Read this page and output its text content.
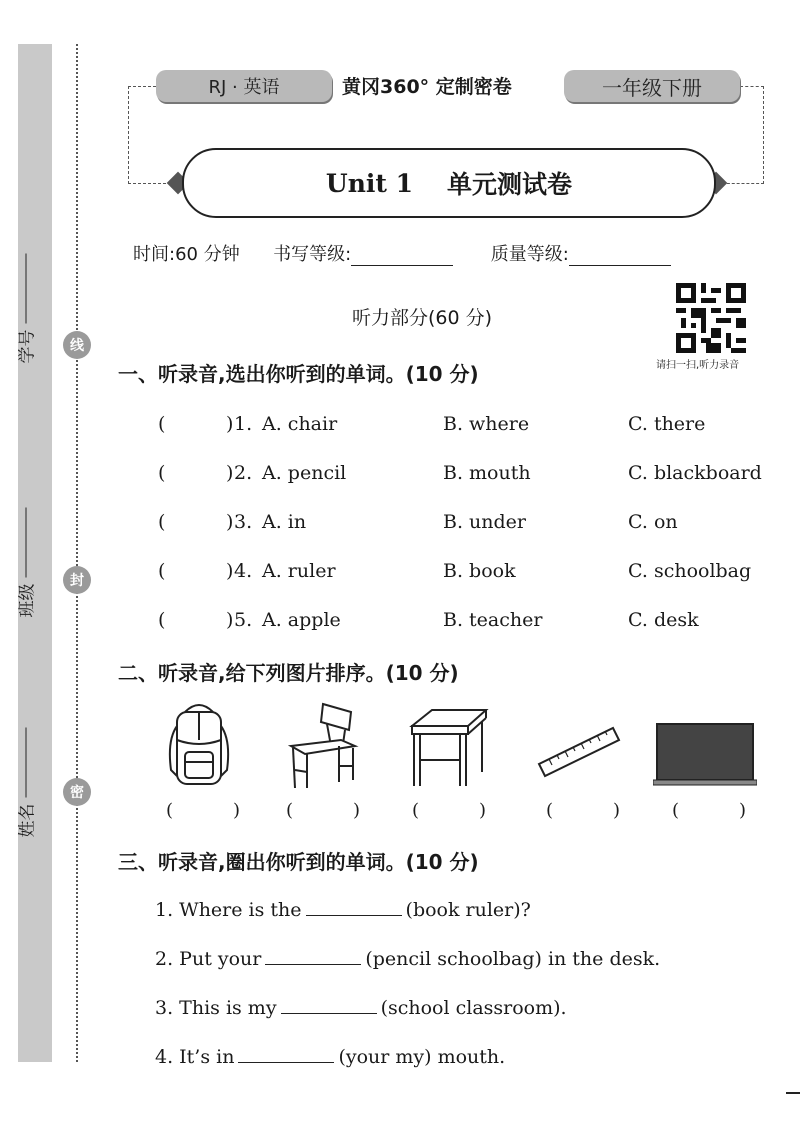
学号
班级
姓名
线
封
密
RJ · 英语	黄冈360° 定制密卷	一年级下册
Unit 1 单元测试卷
时间:60 分钟 书写等级:	质量等级:
听力部分(60 分)
请扫一扫,听力录音
一、听录音,选出你听到的单词。(10 分)
(	) 1. A. chair	B. where	C. there
(	) 2. A. pencil	B. mouth	C. blackboard
(	) 3. A. in	B. under	C. on
(	) 4. A. ruler	B. book	C. schoolbag
(	) 5. A. apple	B. teacher	C. desk
二、听录音,给下列图片排序。(10 分)
(	)	(	)	(	)	(	)	(	)
三、听录音,圈出你听到的单词。(10 分)
1. Where is the	(book ruler)?
2. Put your	(pencil schoolbag) in the desk.
3. This is my	(school classroom).
4. It’s in	(your my) mouth.
